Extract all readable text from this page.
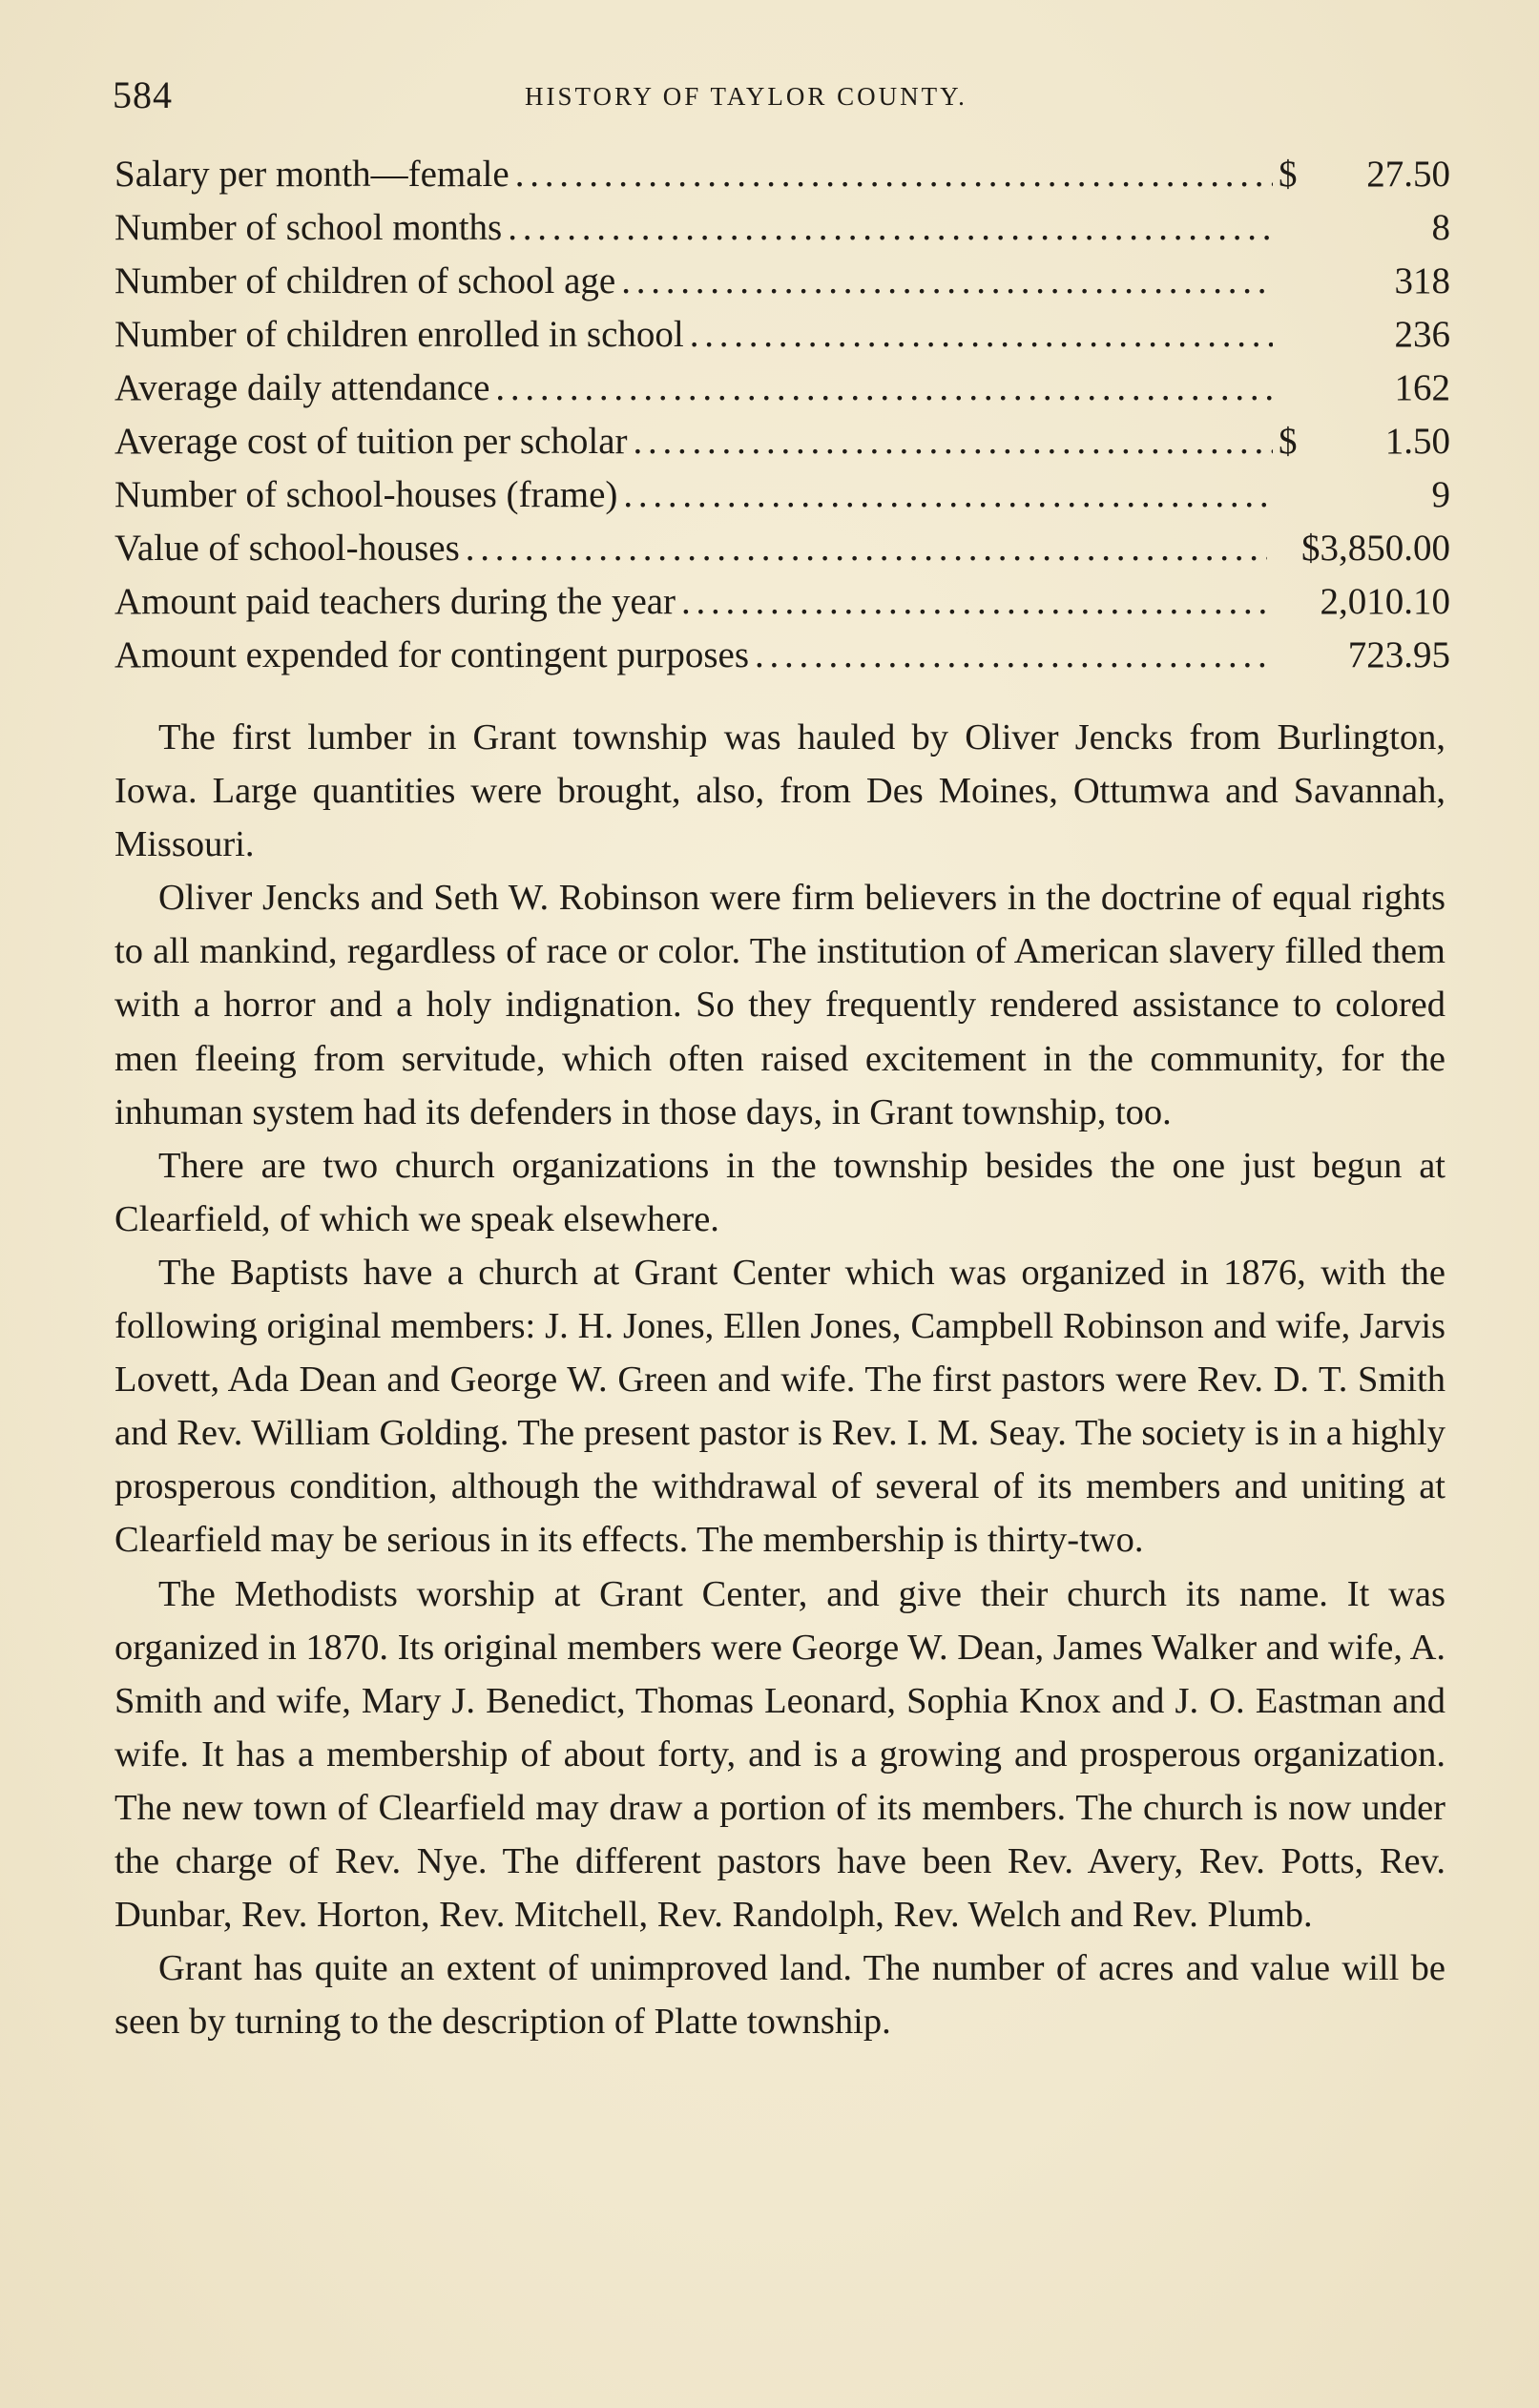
584	HISTORY OF TAYLOR COUNTY.
Salary per month—female . . .	$	27.50
Number of school months . . .	8
Number of children of school age . . .	318
Number of children enrolled in school . . .	236
Average daily attendance . . .	162
Average cost of tuition per scholar . . .	$	1.50
Number of school-houses (frame) . . .	9
Value of school-houses . . .	$3,850.00
Amount paid teachers during the year . . .	2,010.10
Amount expended for contingent purposes . . .	723.95

The first lumber in Grant township was hauled by Oliver Jencks from Burlington, Iowa. Large quantities were brought, also, from Des Moines, Ottumwa and Savannah, Missouri.

Oliver Jencks and Seth W. Robinson were firm believers in the doctrine of equal rights to all mankind, regardless of race or color. The institution of American slavery filled them with a horror and a holy indignation. So they frequently rendered assistance to colored men fleeing from servitude, which often raised excitement in the community, for the inhuman system had its defenders in those days, in Grant township, too.

There are two church organizations in the township besides the one just begun at Clearfield, of which we speak elsewhere.

The Baptists have a church at Grant Center which was organized in 1876, with the following original members: J. H. Jones, Ellen Jones, Campbell Robinson and wife, Jarvis Lovett, Ada Dean and George W. Green and wife. The first pastors were Rev. D. T. Smith and Rev. William Golding. The present pastor is Rev. I. M. Seay. The society is in a highly prosperous condition, although the withdrawal of several of its members and uniting at Clearfield may be serious in its effects. The membership is thirty-two.

The Methodists worship at Grant Center, and give their church its name. It was organized in 1870. Its original members were George W. Dean, James Walker and wife, A. Smith and wife, Mary J. Benedict, Thomas Leonard, Sophia Knox and J. O. Eastman and wife. It has a membership of about forty, and is a growing and prosperous organization. The new town of Clearfield may draw a portion of its members. The church is now under the charge of Rev. Nye. The different pastors have been Rev. Avery, Rev. Potts, Rev. Dunbar, Rev. Horton, Rev. Mitchell, Rev. Randolph, Rev. Welch and Rev. Plumb.

Grant has quite an extent of unimproved land. The number of acres and value will be seen by turning to the description of Platte township.
